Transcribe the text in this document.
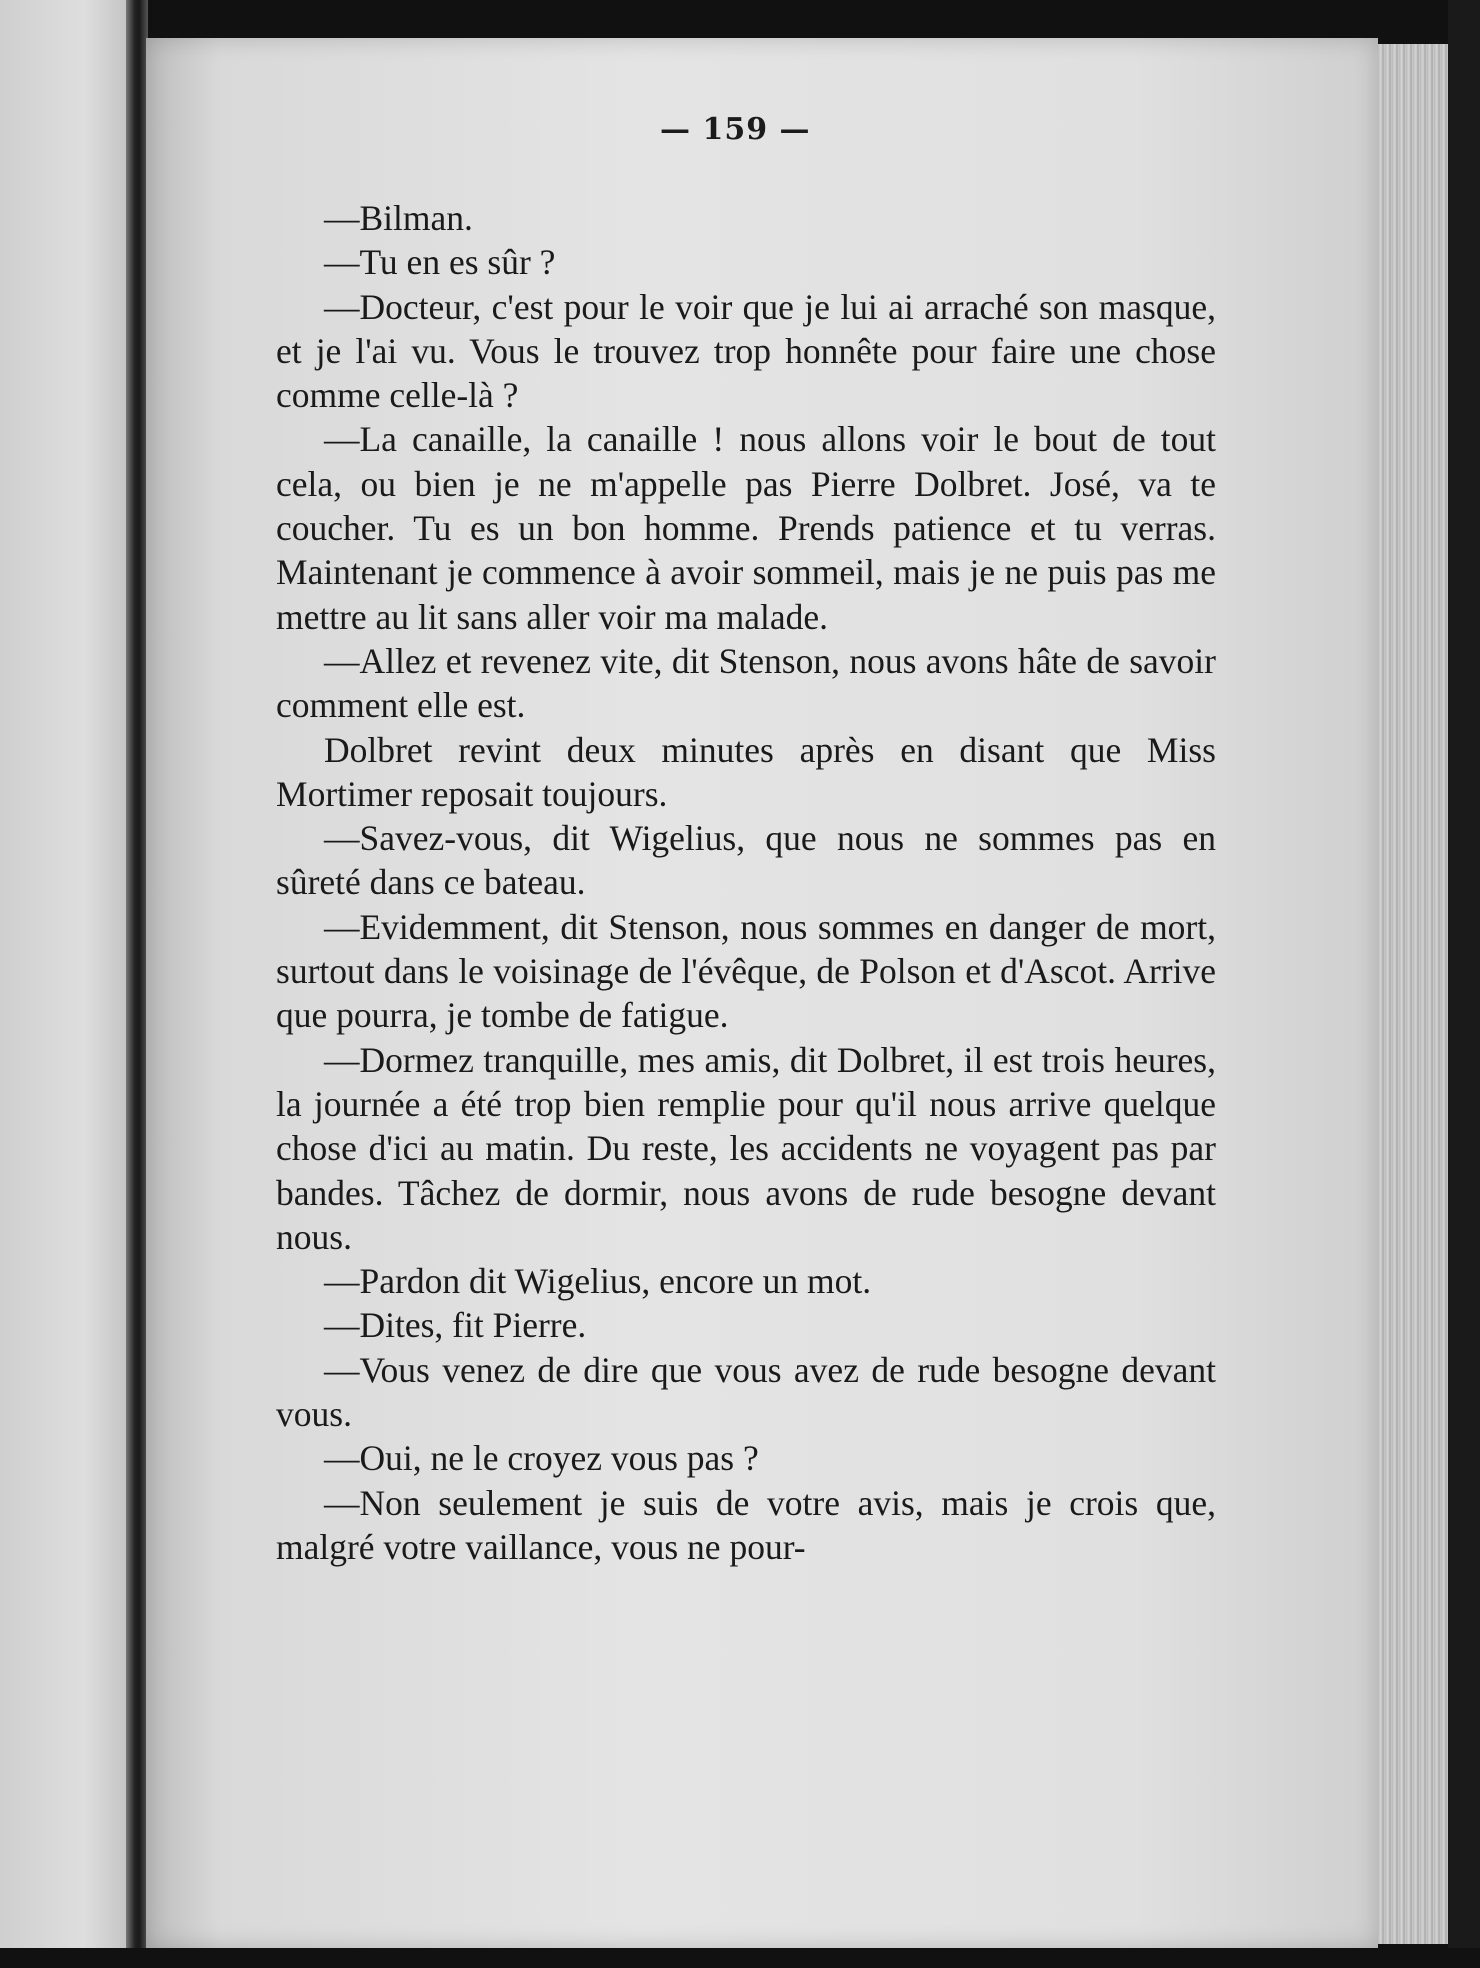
— 159 —

—Bilman.

—Tu en es sûr ?

—Docteur, c'est pour le voir que je lui ai arraché son masque, et je l'ai vu. Vous le trouvez trop honnête pour faire une chose comme celle-là ?

—La canaille, la canaille ! nous allons voir le bout de tout cela, ou bien je ne m'appelle pas Pierre Dolbret. José, va te coucher. Tu es un bon homme. Prends patience et tu verras. Maintenant je commence à avoir sommeil, mais je ne puis pas me mettre au lit sans aller voir ma malade.

—Allez et revenez vite, dit Stenson, nous avons hâte de savoir comment elle est.

Dolbret revint deux minutes après en disant que Miss Mortimer reposait toujours.

—Savez-vous, dit Wigelius, que nous ne sommes pas en sûreté dans ce bateau.

—Evidemment, dit Stenson, nous sommes en danger de mort, surtout dans le voisinage de l'évêque, de Polson et d'Ascot. Arrive que pourra, je tombe de fatigue.

—Dormez tranquille, mes amis, dit Dolbret, il est trois heures, la journée a été trop bien remplie pour qu'il nous arrive quelque chose d'ici au matin. Du reste, les accidents ne voyagent pas par bandes. Tâchez de dormir, nous avons de rude besogne devant nous.

—Pardon dit Wigelius, encore un mot.

—Dites, fit Pierre.

—Vous venez de dire que vous avez de rude besogne devant vous.

—Oui, ne le croyez vous pas ?

—Non seulement je suis de votre avis, mais je crois que, malgré votre vaillance, vous ne pour-
